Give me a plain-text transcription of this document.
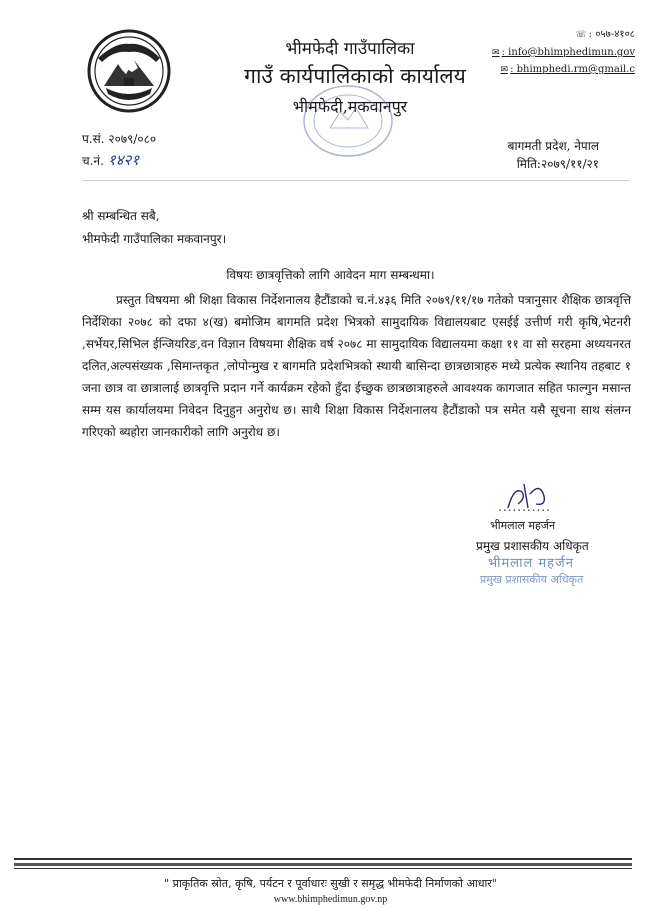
भीमफेदी गाउँपालिका
गाउँ कार्यपालिकाको कार्यालय
भीमफेदी,मकवानपुर
☏ : ०५७-४१०८
✉ : info@bhimphedimun.gov
✉ : bhimphedi.rm@gmail.c
प.सं. २०७९/०८०
च.नं. १४२१
बागमती प्रदेश, नेपाल
मिति:२०७९/११/२१
श्री सम्बन्धित सबै,
भीमफेदी गाउँपालिका मकवानपुर।
विषयः छात्रवृत्तिको लागि आवेदन माग सम्बन्धमा।
प्रस्तुत विषयमा श्री शिक्षा विकास निर्देशनालय हैटौंडाको च.नं.४३६ मिति २०७९/११/१७ गतेको पत्रानुसार शैक्षिक छात्रवृत्ति निर्देशिका २०७८ को दफा ४(ख) बमोजिम बागमति प्रदेश भित्रको सामुदायिक विद्यालयबाट एसईई उत्तीर्ण गरी कृषि,भेटनरी ,सर्भेयर,सिभिल ईन्जियरिङ,वन विज्ञान विषयमा शैक्षिक वर्ष २०७८ मा सामुदायिक विद्यालयमा कक्षा ११ वा सो सरहमा अध्ययनरत दलित,अल्पसंख्यक ,सिमान्तकृत ,लोपोन्मुख र बागमति प्रदेशभित्रको स्थायी बासिन्दा छात्रछात्राहरु मध्ये प्रत्येक स्थानिय तहबाट १ जना छात्र वा छात्रालाई छात्रवृत्ति प्रदान गर्ने कार्यक्रम रहेको हुँदा ईच्छुक छात्रछात्राहरुले आवश्यक कागजात सहित फाल्गुन मसान्त सम्म यस कार्यालयमा निवेदन दिनुहुन अनुरोध छ। साथै शिक्षा विकास निर्देशनालय हैटौंडाको पत्र समेत यसै सूचना साथ संलग्न गरिएको ब्यहोरा जानकारीको लागि अनुरोध छ।
...........
भीमलाल महर्जन
प्रमुख प्रशासकीय अधिकृत
भीमलाल महर्जन
प्रमुख प्रशासकीय अधिकृत
" प्राकृतिक स्रोत, कृषि, पर्यटन र पूर्वाधारः सुखी र समृद्ध भीमफेदी निर्माणको आधार"
www.bhimphedimun.gov.np
